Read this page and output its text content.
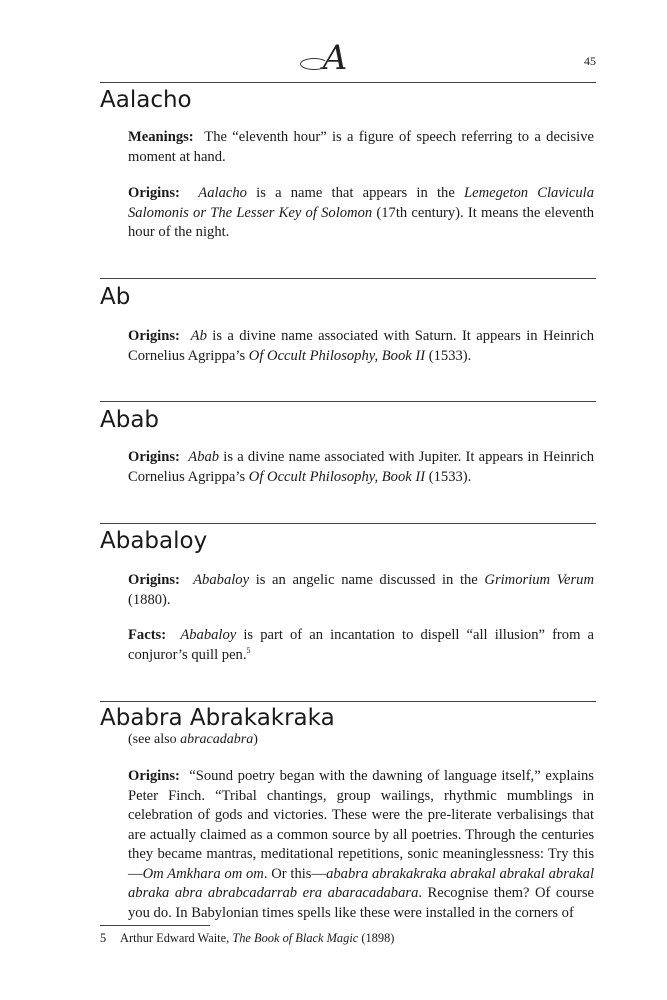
A	45
Aalacho

Meanings: The “eleventh hour” is a figure of speech referring to a decisive moment at hand.

Origins: Aalacho is a name that appears in the Lemegeton Clavicula Salomonis or The Lesser Key of Solomon (17th century). It means the eleventh hour of the night.

Ab

Origins: Ab is a divine name associated with Saturn. It appears in Heinrich Cornelius Agrippa’s Of Occult Philosophy, Book II (1533).

Abab

Origins: Abab is a divine name associated with Jupiter. It appears in Heinrich Cornelius Agrippa’s Of Occult Philosophy, Book II (1533).

Ababaloy

Origins: Ababaloy is an angelic name discussed in the Grimorium Verum (1880).

Facts: Ababaloy is part of an incantation to dispell “all illusion” from a conjuror’s quill pen.$^5$

Ababra Abrakakraka
(see also abracadabra)

Origins: “Sound poetry began with the dawning of language itself,” explains Peter Finch. “Tribal chantings, group wailings, rhythmic mumblings in celebration of gods and victories. These were the pre-literate verbalisings that are actually claimed as a common source by all poetries. Through the centuries they became mantras, meditational repetitions, sonic meaninglessness: Try this—Om Amkhara om om. Or this—ababra abrakakraka abrakal abrakal abrakal abraka abra abrabcadarrab era abaracadabara. Recognise them? Of course you do. In Babylonian times spells like these were installed in the corners of

5 Arthur Edward Waite, The Book of Black Magic (1898)
